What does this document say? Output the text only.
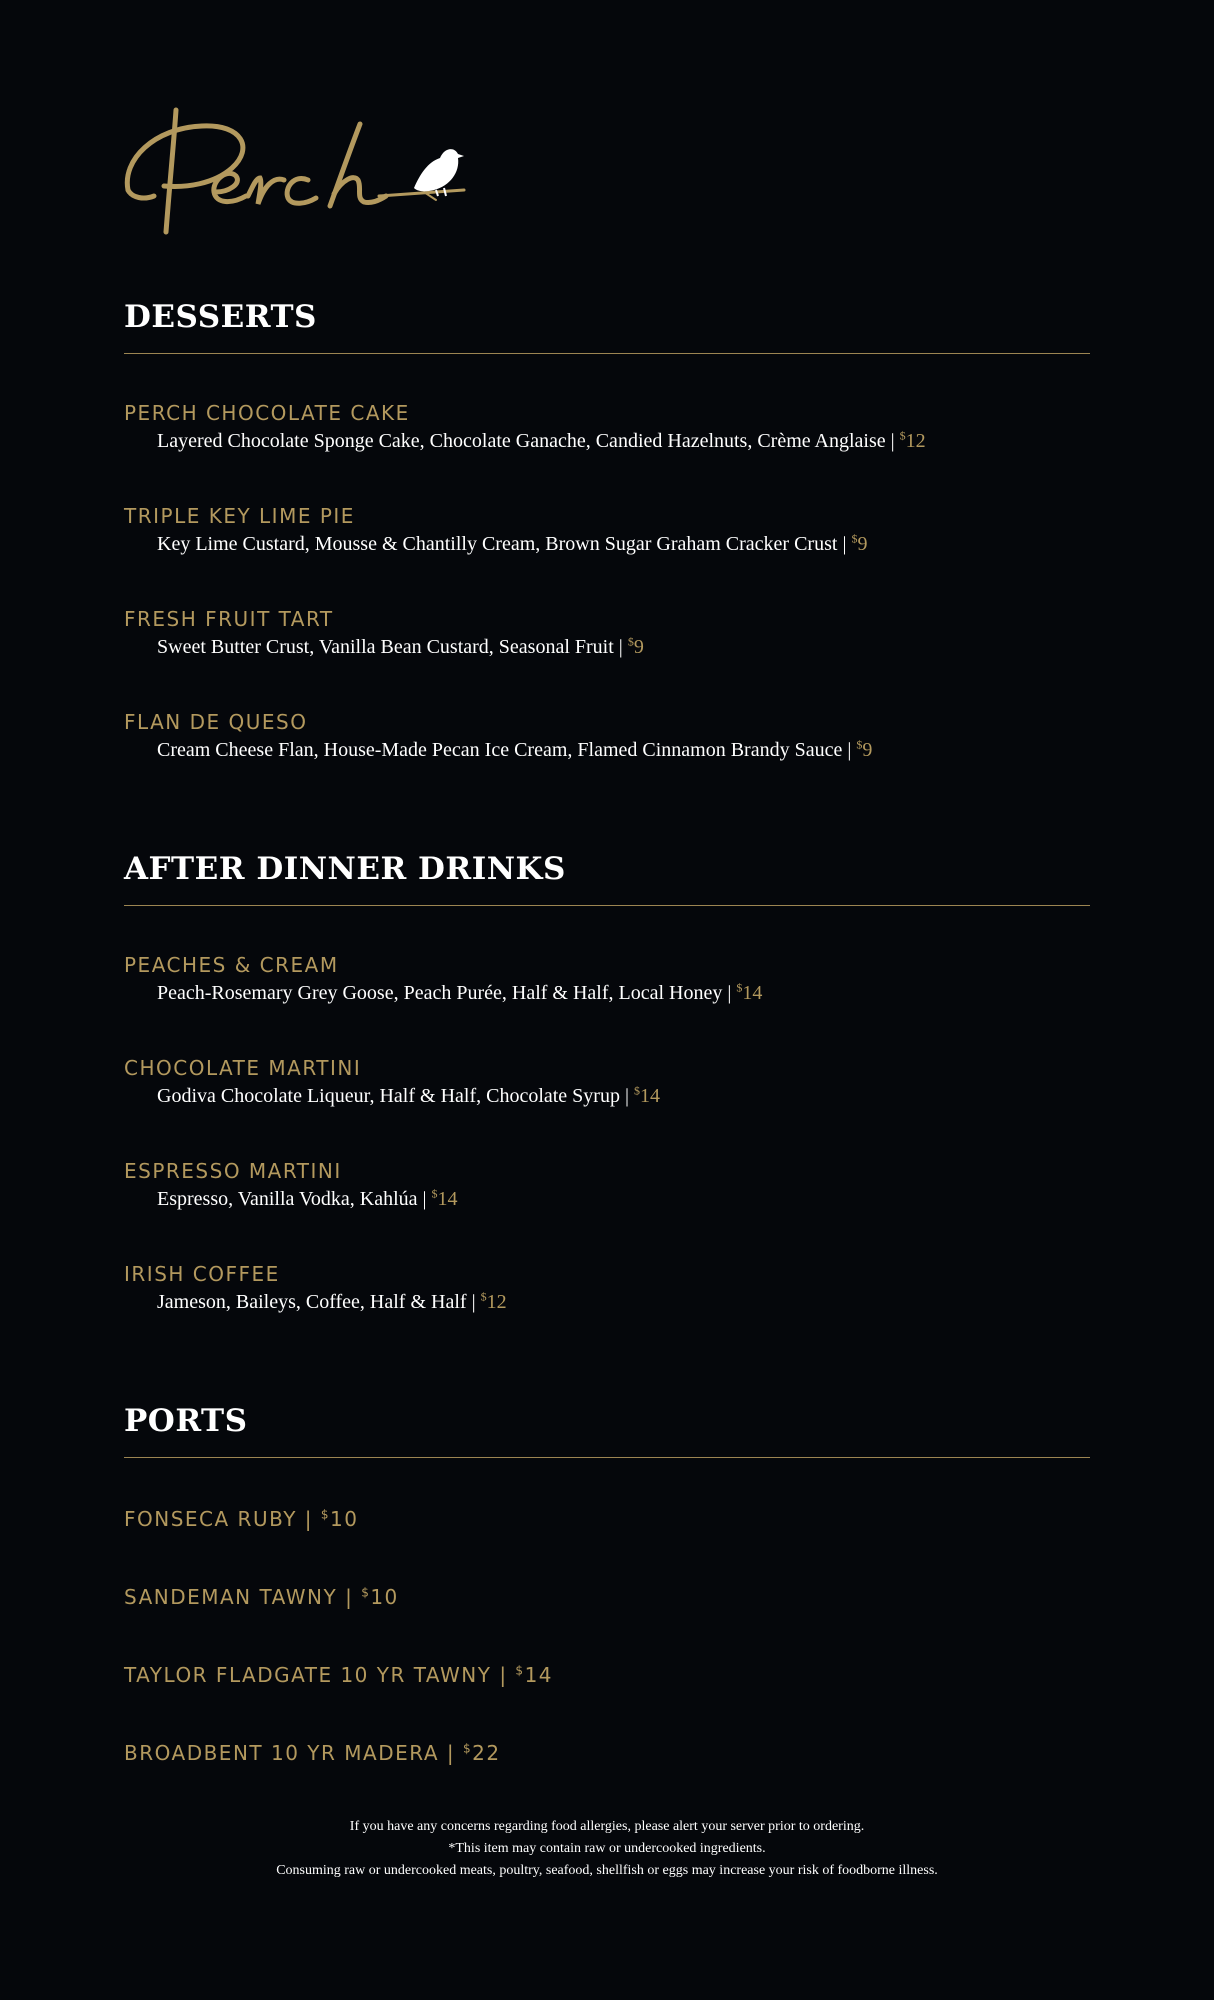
DESSERTS
PERCH CHOCOLATE CAKE
Layered Chocolate Sponge Cake, Chocolate Ganache, Candied Hazelnuts, Crème Anglaise | $12
TRIPLE KEY LIME PIE
Key Lime Custard, Mousse & Chantilly Cream, Brown Sugar Graham Cracker Crust | $9
FRESH FRUIT TART
Sweet Butter Crust, Vanilla Bean Custard, Seasonal Fruit | $9
FLAN DE QUESO
Cream Cheese Flan, House-Made Pecan Ice Cream, Flamed Cinnamon Brandy Sauce | $9
AFTER DINNER DRINKS
PEACHES & CREAM
Peach-Rosemary Grey Goose, Peach Purée, Half & Half, Local Honey | $14
CHOCOLATE MARTINI
Godiva Chocolate Liqueur, Half & Half, Chocolate Syrup | $14
ESPRESSO MARTINI
Espresso, Vanilla Vodka, Kahlúa | $14
IRISH COFFEE
Jameson, Baileys, Coffee, Half & Half | $12
PORTS
FONSECA RUBY | $10
SANDEMAN TAWNY | $10
TAYLOR FLADGATE 10 YR TAWNY | $14
BROADBENT 10 YR MADERA | $22
If you have any concerns regarding food allergies, please alert your server prior to ordering.
*This item may contain raw or undercooked ingredients.
Consuming raw or undercooked meats, poultry, seafood, shellfish or eggs may increase your risk of foodborne illness.
